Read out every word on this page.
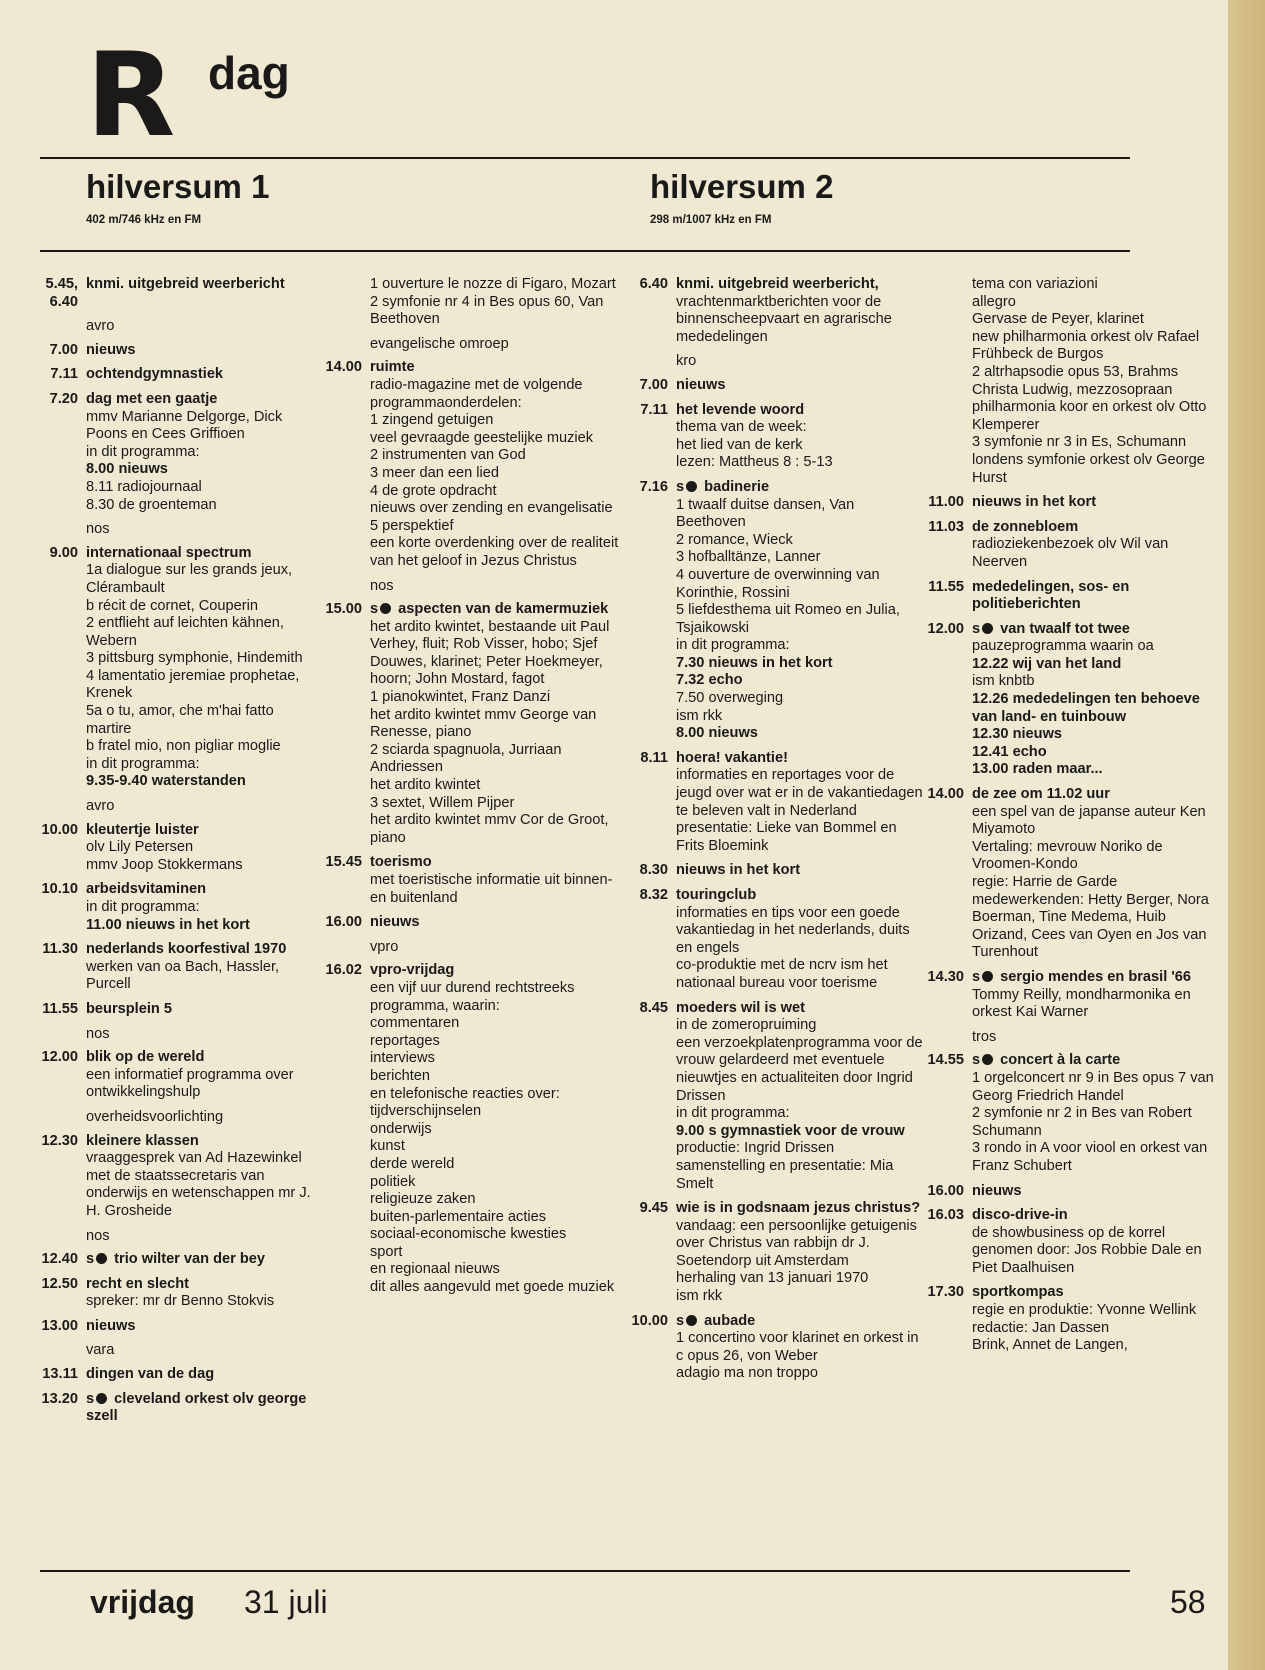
R dag
hilversum 1
402 m/746 kHz en FM
hilversum 2
298 m/1007 kHz en FM
5.45, 6.40
knmi. uitgebreid weerbericht
avro
7.00 nieuws
7.11 ochtendgymnastiek
7.20 dag met een gaatje
mmv Marianne Delgorge, Dick Poons en Cees Griffioen
in dit programma:
8.00 nieuws
8.11 radiojournaal
8.30 de groenteman
nos
9.00 internationaal spectrum
1a dialogue sur les grands jeux, Clérambault
b récit de cornet, Couperin
2 entflieht auf leichten kähnen, Webern
3 pittsburg symphonie, Hindemith
4 lamentatio jeremiae prophetae, Krenek
5a o tu, amor, che m'hai fatto martire
b fratel mio, non pigliar moglie
in dit programma:
9.35-9.40 waterstanden
avro
10.00 kleutertje luister
olv Lily Petersen
mmv Joop Stokkermans
10.10 arbeidsvitaminen
in dit programma:
11.00 nieuws in het kort
11.30 nederlands koorfestival 1970
werken van oa Bach, Hassler, Purcell
11.55 beursplein 5
nos
12.00 blik op de wereld
een informatief programma over ontwikkelingshulp
overheidsvoorlichting
12.30 kleinere klassen
vraaggesprek van Ad Hazewinkel met de staatssecretaris van onderwijs en wetenschappen mr J. H. Grosheide
nos
12.40 s trio wilter van der bey
12.50 recht en slecht
spreker: mr dr Benno Stokvis
13.00 nieuws
vara
13.11 dingen van de dag
13.20 s cleveland orkest olv george szell
1 ouverture le nozze di Figaro, Mozart
2 symfonie nr 4 in Bes opus 60, Van Beethoven
evangelische omroep
14.00 ruimte
radio-magazine met de volgende programmaonderdelen:
1 zingend getuigen
veel gevraagde geestelijke muziek
2 instrumenten van God
3 meer dan een lied
4 de grote opdracht
nieuws over zending en evangelisatie
5 perspektief
een korte overdenking over de realiteit van het geloof in Jezus Christus
nos
15.00 s aspecten van de kamermuziek
het ardito kwintet, bestaande uit Paul Verhey, fluit; Rob Visser, hobo; Sjef Douwes, klarinet; Peter Hoekmeyer, hoorn; John Mostard, fagot
1 pianokwintet, Franz Danzi
het ardito kwintet mmv George van Renesse, piano
2 sciarda spagnuola, Jurriaan Andriessen
het ardito kwintet
3 sextet, Willem Pijper
het ardito kwintet mmv Cor de Groot, piano
15.45 toerismo
met toeristische informatie uit binnen- en buitenland
16.00 nieuws
vpro
16.02 vpro-vrijdag
een vijf uur durend rechtstreeks programma, waarin:
commentaren
reportages
interviews
berichten
en telefonische reacties over:
tijdverschijnselen
onderwijs
kunst
derde wereld
politiek
religieuze zaken
buiten-parlementaire acties
sociaal-economische kwesties
sport
en regionaal nieuws
dit alles aangevuld met goede muziek
6.40 knmi. uitgebreid weerbericht,
vrachtenmarktberichten voor de binnenscheepvaart en agrarische mededelingen
kro
7.00 nieuws
7.11 het levende woord
thema van de week:
het lied van de kerk
lezen: Mattheus 8 : 5-13
7.16 s badinerie
1 twaalf duitse dansen, Van Beethoven
2 romance, Wieck
3 hofballtänze, Lanner
4 ouverture de overwinning van Korinthie, Rossini
5 liefdesthema uit Romeo en Julia, Tsjaikowski
in dit programma:
7.30 nieuws in het kort
7.32 echo
7.50 overweging
ism rkk
8.00 nieuws
8.11 hoera! vakantie!
informaties en reportages voor de jeugd over wat er in de vakantiedagen te beleven valt in Nederland
presentatie: Lieke van Bommel en Frits Bloemink
8.30 nieuws in het kort
8.32 touringclub
informaties en tips voor een goede vakantiedag in het nederlands, duits en engels
co-produktie met de ncrv ism het nationaal bureau voor toerisme
8.45 moeders wil is wet
in de zomeropruiming
een verzoekplatenprogramma voor de vrouw gelardeerd met eventuele nieuwtjes en actualiteiten door Ingrid Drissen
in dit programma:
9.00 s gymnastiek voor de vrouw
productie: Ingrid Drissen
samenstelling en presentatie: Mia Smelt
9.45 wie is in godsnaam jezus christus?
vandaag: een persoonlijke getuigenis over Christus van rabbijn dr J. Soetendorp uit Amsterdam
herhaling van 13 januari 1970
ism rkk
10.00 s aubade
1 concertino voor klarinet en orkest in c opus 26, von Weber
adagio ma non troppo
tema con variazioni
allegro
Gervase de Peyer, klarinet
new philharmonia orkest olv Rafael Frühbeck de Burgos
2 altrhapsodie opus 53, Brahms
Christa Ludwig, mezzosopraan
philharmonia koor en orkest olv Otto Klemperer
3 symfonie nr 3 in Es, Schumann
londens symfonie orkest olv George Hurst
11.00 nieuws in het kort
11.03 de zonnebloem
radioziekenbezoek olv Wil van Neerven
11.55 mededelingen, sos- en politieberichten
12.00 s van twaalf tot twee
pauzeprogramma waarin oa
12.22 wij van het land
ism knbtb
12.26 mededelingen ten behoeve van land- en tuinbouw
12.30 nieuws
12.41 echo
13.00 raden maar...
14.00 de zee om 11.02 uur
een spel van de japanse auteur Ken Miyamoto
Vertaling: mevrouw Noriko de Vroomen-Kondo
regie: Harrie de Garde
medewerkenden: Hetty Berger, Nora Boerman, Tine Medema, Huib Orizand, Cees van Oyen en Jos van Turenhout
14.30 s sergio mendes en brasil '66
Tommy Reilly, mondharmonika en orkest Kai Warner
tros
14.55 s concert à la carte
1 orgelconcert nr 9 in Bes opus 7 van Georg Friedrich Handel
2 symfonie nr 2 in Bes van Robert Schumann
3 rondo in A voor viool en orkest van Franz Schubert
16.00 nieuws
16.03 disco-drive-in
de showbusiness op de korrel genomen door: Jos Robbie Dale en Piet Daalhuisen
17.30 sportkompas
regie en produktie: Yvonne Wellink
redactie: Jan Dassen
Brink, Annet de Langen,
vrijdag 31 juli	58
